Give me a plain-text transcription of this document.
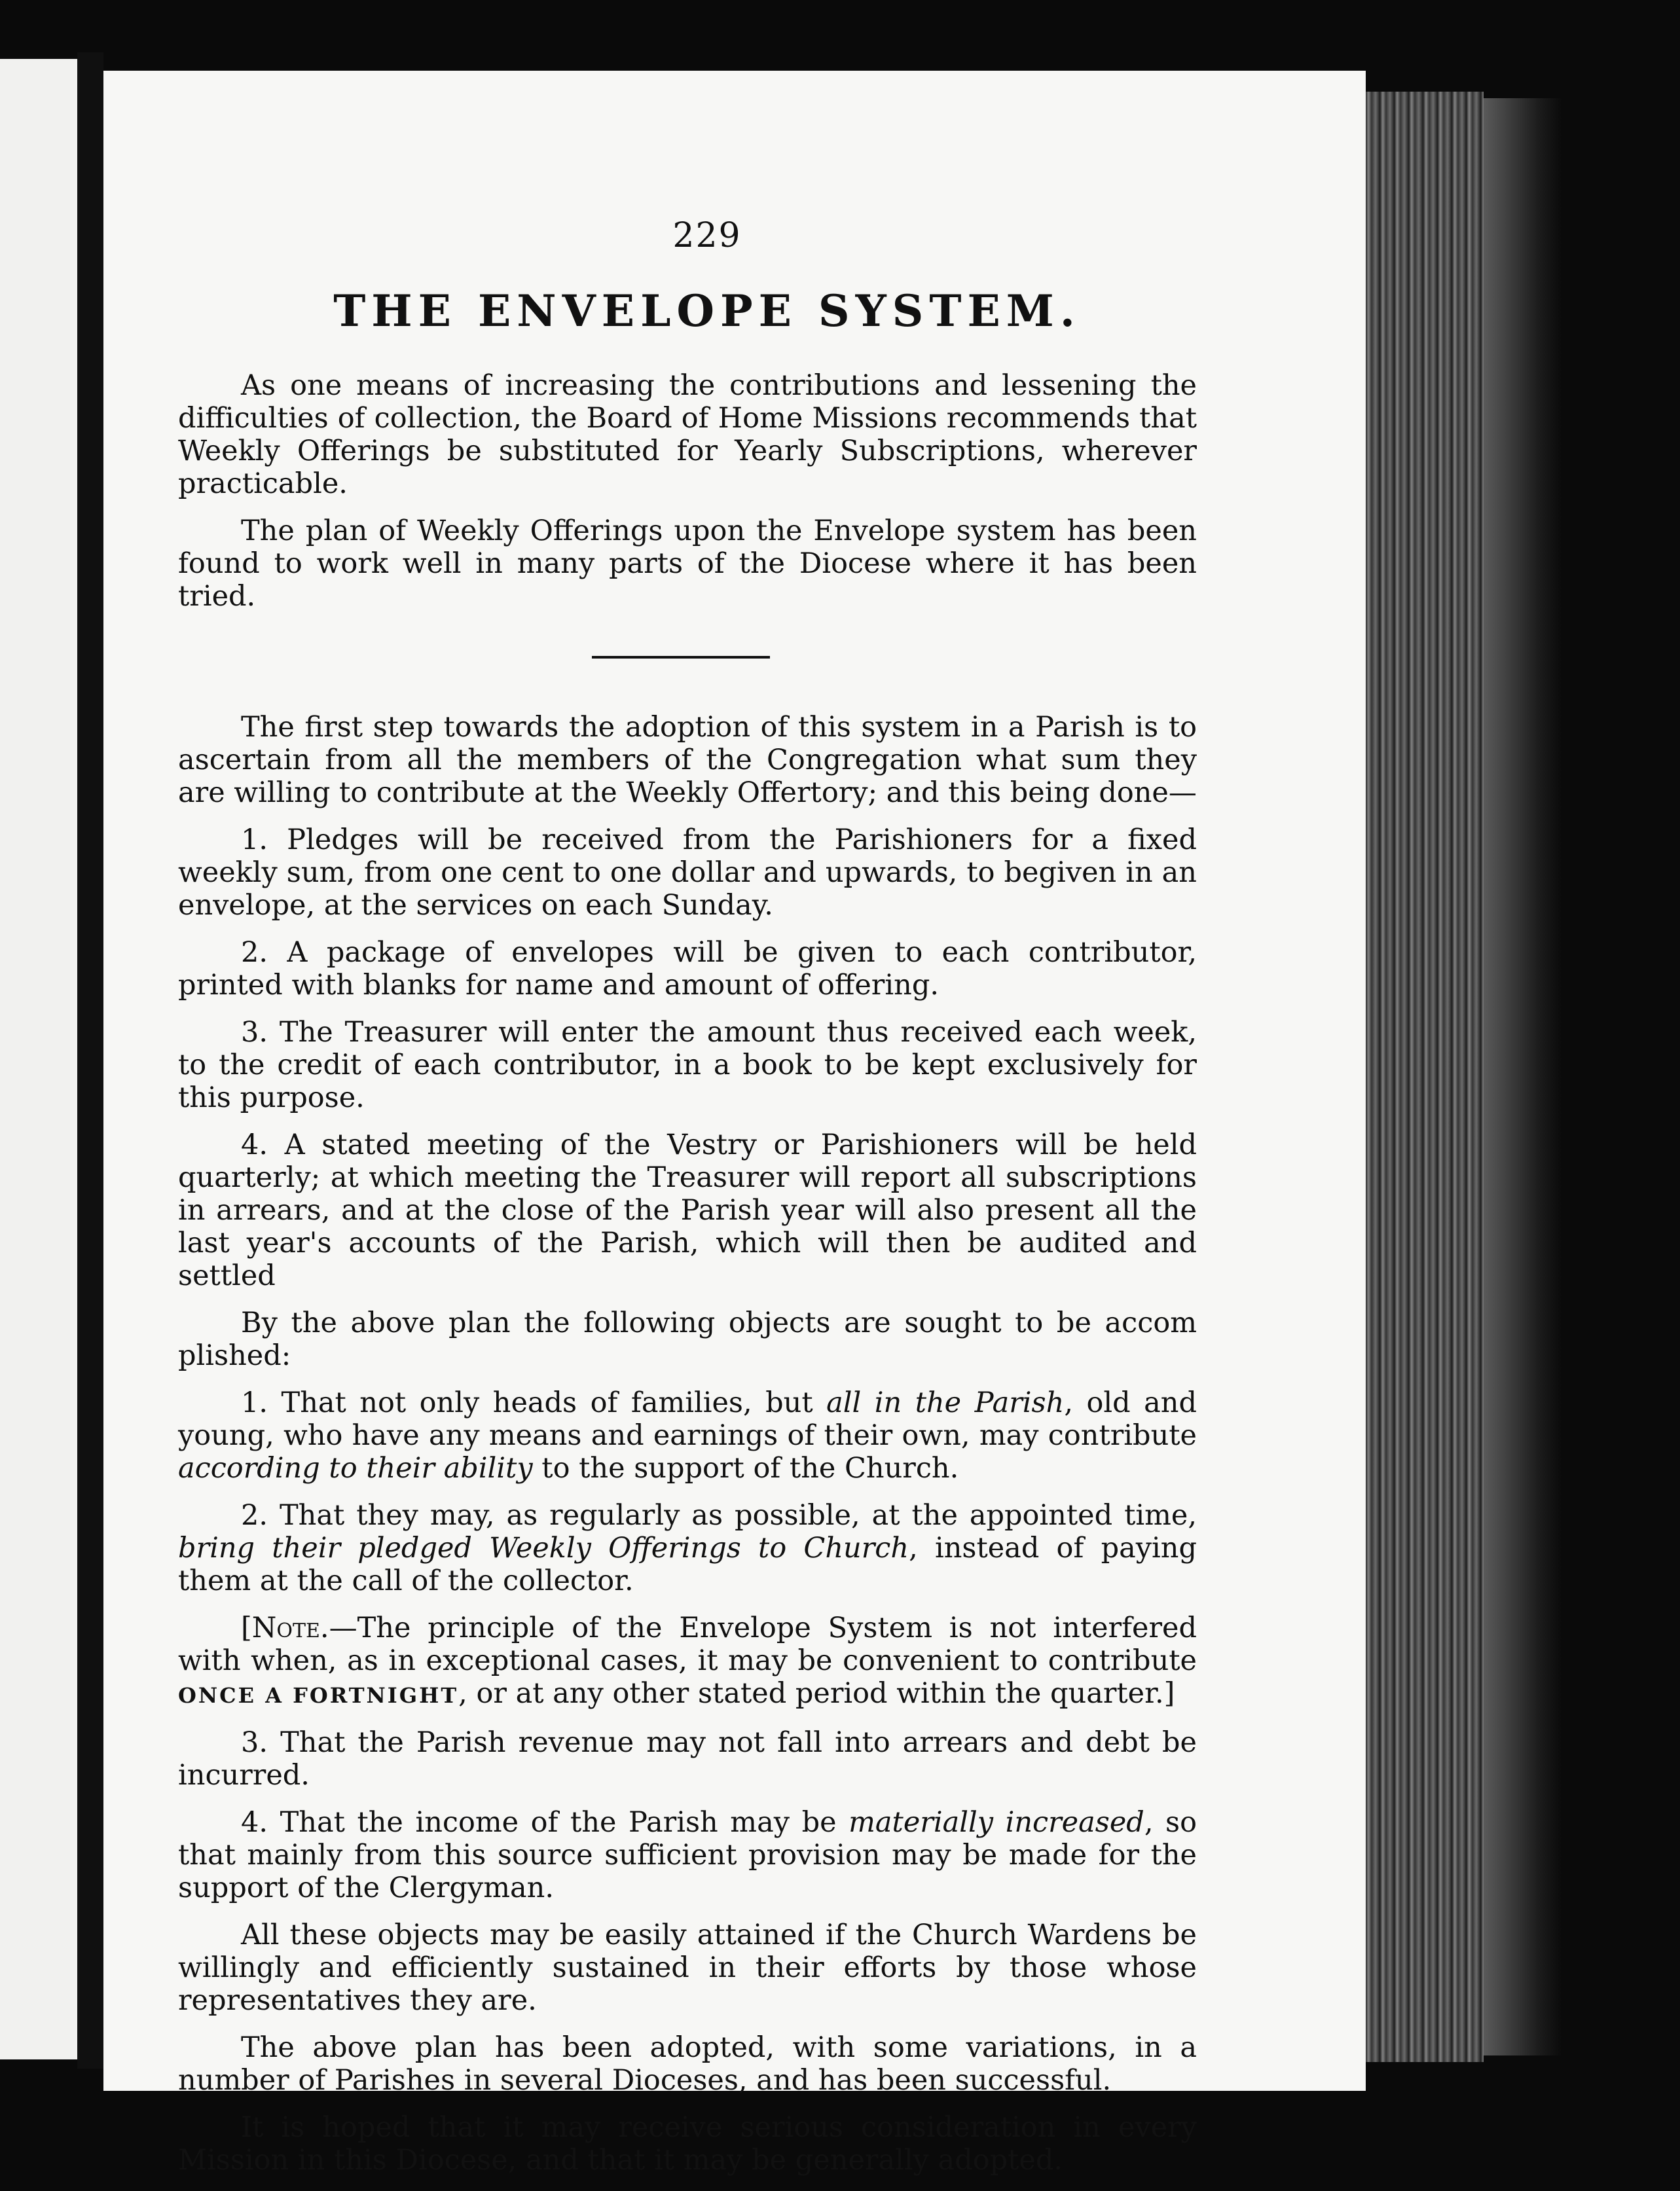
229
THE ENVELOPE SYSTEM.

As one means of increasing the contributions and lessening the difficulties of collection, the Board of Home Missions recommends that Weekly Offerings be substituted for Yearly Subscriptions, wherever practicable.

The plan of Weekly Offerings upon the Envelope system has been found to work well in many parts of the Diocese where it has been tried.

The first step towards the adoption of this system in a Parish is to ascertain from all the members of the Congregation what sum they are willing to contribute at the Weekly Offertory; and this being done—

1. Pledges will be received from the Parishioners for a fixed weekly sum, from one cent to one dollar and upwards, to begiven in an envelope, at the services on each Sunday.

2. A package of envelopes will be given to each contributor, printed with blanks for name and amount of offering.

3. The Treasurer will enter the amount thus received each week, to the credit of each contributor, in a book to be kept exclusively for this purpose.

4. A stated meeting of the Vestry or Parishioners will be held quarterly; at which meeting the Treasurer will report all subscriptions in arrears, and at the close of the Parish year will also present all the last year's accounts of the Parish, which will then be audited and settled

By the above plan the following objects are sought to be accom plished:

1. That not only heads of families, but all in the Parish, old and young, who have any means and earnings of their own, may contribute according to their ability to the support of the Church.

2. That they may, as regularly as possible, at the appointed time, bring their pledged Weekly Offerings to Church, instead of paying them at the call of the collector.

[Note.—The principle of the Envelope System is not interfered with when, as in exceptional cases, it may be convenient to contribute ONCE A FORTNIGHT, or at any other stated period within the quarter.]

3. That the Parish revenue may not fall into arrears and debt be incurred.

4. That the income of the Parish may be materially increased, so that mainly from this source sufficient provision may be made for the support of the Clergyman.

All these objects may be easily attained if the Church Wardens be willingly and efficiently sustained in their efforts by those whose representatives they are.

The above plan has been adopted, with some variations, in a number of Parishes in several Dioceses, and has been successful.

It is hoped that it may receive serious consideration in every Mission in this Diocese, and that it may be generally adopted.
